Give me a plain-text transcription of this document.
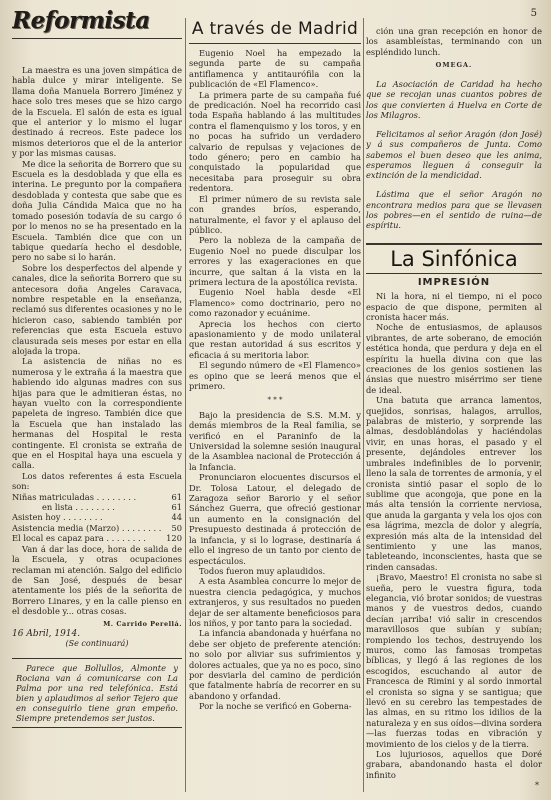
5
Reformista

La maestra es una joven simpática de habla dulce y mirar inteligente. Se llama doña Manuela Borrero Jiménez y hace solo tres meses que se hizo cargo de la Escuela. El salón de esta es igual que el anterior y lo mismo el lugar destinado á recreos. Este padece los mismos deterioros que el de la anterior y por las mismas causas.

Me dice la señorita de Borrero que su Escuela es la desdoblada y que ella es interina. Le pregunto por la compañera desdoblada y contesta que sabe que es doña Julia Cándida Maica que no ha tomado posesión todavía de su cargo ó por lo menos no se ha presentado en la Escuela. También dice que con un tabique quedaría hecho el desdoble, pero no sabe si lo harán.

Sobre los desperfectos del alpende y canales, dice la señorita Borrero que su antecesora doña Angeles Caravaca, nombre respetable en la enseñanza, reclamó sus diferentes ocasiones y no le hicieron caso, sabiendo también por referencias que esta Escuela estuvo clausurada seis meses por estar en ella alojada la tropa.

La asistencia de niñas no es numerosa y le extraña á la maestra que habiendo ido algunas madres con sus hijas para que le admitieran éstas, no hayan vuelto con la correspondiente papeleta de ingreso. También dice que la Escuela que han instalado las hermanas del Hospital le resta contingente. El cronista se extraña de que en el Hospital haya una escuela y calla.

Los datos referentes á esta Escuela son:

Niñas matriculadas . . . . . . . .	61
en lista . . . . . . . .	61
Asisten hoy . . . . . . . .	44
Asistencia media (Marzo) . . . . . . . . 50
El local es capaz para . . . . . . . . 120

Van á dar las doce, hora de salida de la Escuela, y otras ocupaciones reclaman mi atención. Salgo del edificio de San José, después de besar atentamente los piés de la señorita de Borrero Linares, y en la calle pienso en el desdoble y... otras cosas.

M. Carrido Perellá.
16 Abril, 1914.
(Se continuará)
Parece que Bollullos, Almonte y Rociana van á comunicarse con La Palma por una red telefónica. Está bien y aplaudimos al señor Tejero que en conseguirlo tiene gran empeño. Siempre pretendemos ser justos.
A través de Madrid

Eugenio Noel ha empezado la segunda parte de su campaña antiflamenca y antitaurófila con la publicación de «El Flamenco».

La primera parte de su campaña fué de predicación. Noel ha recorrido casi toda España hablando á las multitudes contra el flamenquismo y los toros, y en no pocas ha sufrido un verdadero calvario de repulsas y vejaciones de todo género; pero en cambio ha conquistado la popularidad que necesitaba para proseguir su obra redentora.

El primer número de su revista sale con grandes bríos, esperando, naturalmente, el favor y el aplauso del público.

Pero la nobleza de la campaña de Eugenio Noel no puede disculpar los errores y las exageraciones en que incurre, que saltan á la vista en la primera lectura de la apostólica revista.

Eugenio Noel habla desde «El Flamenco» como doctrinario, pero no como razonador y ecuánime.

Aprecia los hechos con cierto apasionamiento y de modo unilateral que restan autoridad á sus escritos y eficacia á su meritoria labor.

El segundo número de «El Flamenco» es opino que se leerá menos que el primero.

* * *

Bajo la presidencia de S.S. M.M. y demás miembros de la Real familia, se verificó en el Paraninfo de la Universidad la solemne sesión inaugural de la Asamblea nacional de Protección á la Infancia.

Pronunciaron elocuentes discursos el Dr. Tolosa Latour, el delegado de Zaragoza señor Barorio y el señor Sánchez Guerra, que ofreció gestionar un aumento en la consignación del Presupuesto destinada á protección de la infancia, y si lo lograse, destinaría á ello el ingreso de un tanto por ciento de espectáculos.

Todos fueron muy aplaudidos.

A esta Asamblea concurre lo mejor de nuestra ciencia pedagógica, y muchos extranjeros, y sus resultados no pueden dejar de ser altamente beneficiosos para los niños, y por tanto para la sociedad.

La infancia abandonada y huérfana no debe ser objeto de preferente atención: no solo por aliviar sus sufrimientos y dolores actuales, que ya no es poco, sino por desviarla del camino de perdición que fatalmente habría de recorrer en su abandono y orfandad.

Por la noche se verificó en Goberna-

ción una gran recepción en honor de los asambleístas, terminando con un espléndido lunch.

OMEGA.

La Asociación de Caridad ha hecho que se recojan unas cuantos pobres de los que convierten á Huelva en Corte de los Milagros.

Felicitamos al señor Aragón (don José) y á sus compañeros de Junta. Como sabemos el buen deseo que les anima, esperamos lleguen á conseguir la extinción de la mendicidad.

Lástima que el señor Aragón no encontrara medios para que se llevasen los pobres—en el sentido de ruina—de espíritu.

La Sinfónica
IMPRESIÓN

Ni la hora, ni el tiempo, ni el poco espacio de que dispone, permiten al cronista hacer más.

Noche de entusiasmos, de aplausos vibrantes, de arte soberano, de emoción estética honda, que perdura y deja en el espíritu la huella divina con que las creaciones de los genios sostienen las ánsias que nuestro misérrimo ser tiene de ideal.

Una batuta que arranca lamentos, quejidos, sonrisas, halagos, arrullos, palabras de misterio, y sorprende las almas, desdoblándolas y haciéndolas vivir, en unas horas, el pasado y el presente, dejándoles entrever los umbrales indefinibles de lo porvenir, lleno la sala de torrentes de armonía, y el cronista sintió pasar el soplo de lo sublime que acongoja, que pone en la más alta tensión la corriente nerviosa, que anuda la garganta y vela los ojos con esa lágrima, mezcla de dolor y alegría, expresión más alta de la intensidad del sentimiento y une las manos, tableteando, inconscientes, hasta que se rinden cansadas.

¡Bravo, Maestro! El cronista no sabe si sueña, pero le vuestra figura, toda elegancia, vió brotar sonidos; de vuestras manos y de vuestros dedos, cuando decían ¡arriba! vió salir in crescendos maravillosos que subían y subían; rompiendo los techos, destruyendo los muros, como las famosas trompetas bíblicas, y llegó á las regiones de los escogidos, escuchando al autor de Francesca de Rimini y al sordo inmortal el cronista so signa y se santigua; que llevó en su cerebro las tempestades de las almas, en su ritmo los idilios de la naturaleza y en sus oídos—divina sordera—las fuerzas todas en vibración y movimiento de los cielos y de la tierra.

Los lujuriosos, aquellos que Doré grabara, abandonando hasta el dolor infinito

*
